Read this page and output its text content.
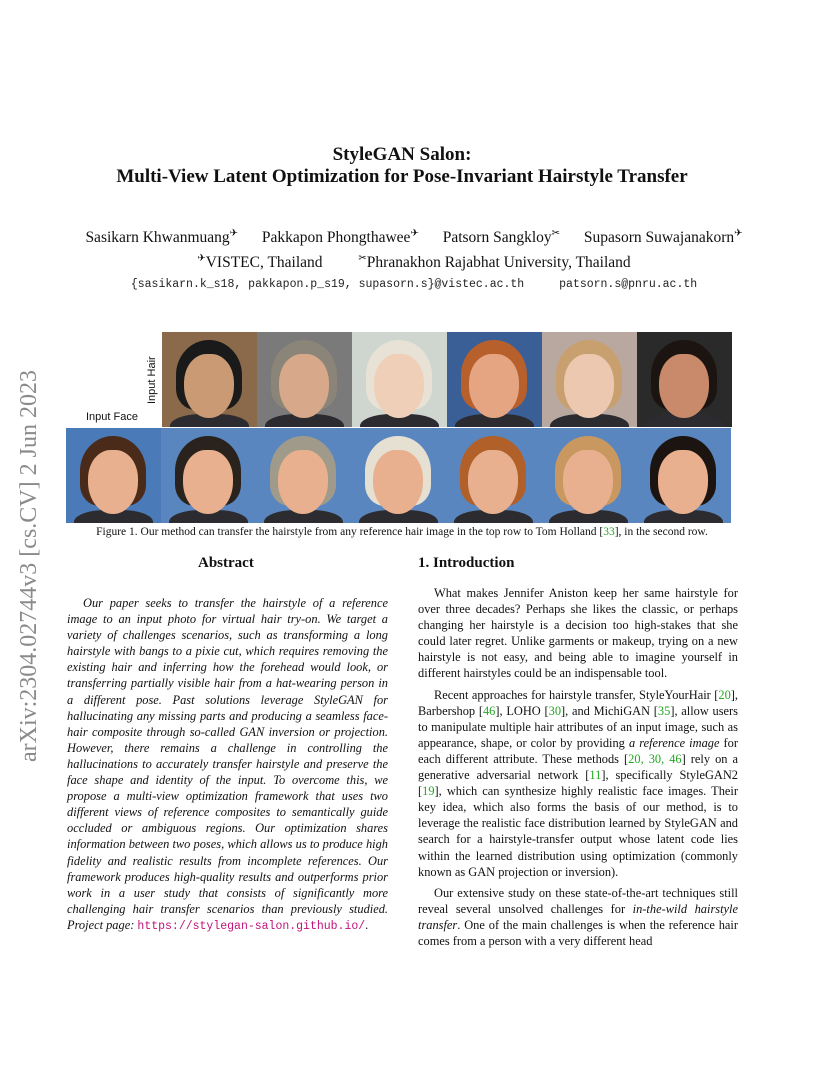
StyleGAN Salon:
Multi-View Latent Optimization for Pose-Invariant Hairstyle Transfer
Sasikarn Khwanmuang✈ Pakkapon Phongthawee✈ Patsorn Sangkloy✂ Supasorn Suwajanakorn✈
✈VISTEC, Thailand	✂Phranakhon Rajabhat University, Thailand
{sasikarn.k_s18, pakkapon.p_s19, supasorn.s}@vistec.ac.th	patsorn.s@pnru.ac.th
arXiv:2304.02744v3 [cs.CV] 2 Jun 2023	Input Hair
Input Face
Figure 1. Our method can transfer the hairstyle from any reference hair image in the top row to Tom Holland [33], in the second row.
Abstract

Our paper seeks to transfer the hairstyle of a reference image to an input photo for virtual hair try-on. We target a variety of challenges scenarios, such as transforming a long hairstyle with bangs to a pixie cut, which requires removing the existing hair and inferring how the forehead would look, or transferring partially visible hair from a hat-wearing person in a different pose. Past solutions leverage StyleGAN for hallucinating any missing parts and producing a seamless face-hair composite through so-called GAN inversion or projection. However, there remains a challenge in controlling the hallucinations to accurately transfer hairstyle and preserve the face shape and identity of the input. To overcome this, we propose a multi-view optimization framework that uses two different views of reference composites to semantically guide occluded or ambiguous regions. Our optimization shares information between two poses, which allows us to produce high fidelity and realistic results from incomplete references. Our framework produces high-quality results and outperforms prior work in a user study that consists of significantly more challenging hair transfer scenarios than previously studied. Project page: https://stylegan-salon.github.io/.

1. Introduction

What makes Jennifer Aniston keep her same hairstyle for over three decades? Perhaps she likes the classic, or perhaps changing her hairstyle is a decision too high-stakes that she could later regret. Unlike garments or makeup, trying on a new hairstyle is not easy, and being able to imagine yourself in different hairstyles could be an indispensable tool.

Recent approaches for hairstyle transfer, StyleYourHair [20], Barbershop [46], LOHO [30], and MichiGAN [35], allow users to manipulate multiple hair attributes of an input image, such as appearance, shape, or color by providing a reference image for each different attribute. These methods [20, 30, 46] rely on a generative adversarial network [11], specifically StyleGAN2 [19], which can synthesize highly realistic face images. Their key idea, which also forms the basis of our method, is to leverage the realistic face distribution learned by StyleGAN and search for a hairstyle-transfer output whose latent code lies within the learned distribution using optimization (commonly known as GAN projection or inversion).

Our extensive study on these state-of-the-art techniques still reveal several unsolved challenges for in-the-wild hairstyle transfer. One of the main challenges is when the reference hair comes from a person with a very different head
